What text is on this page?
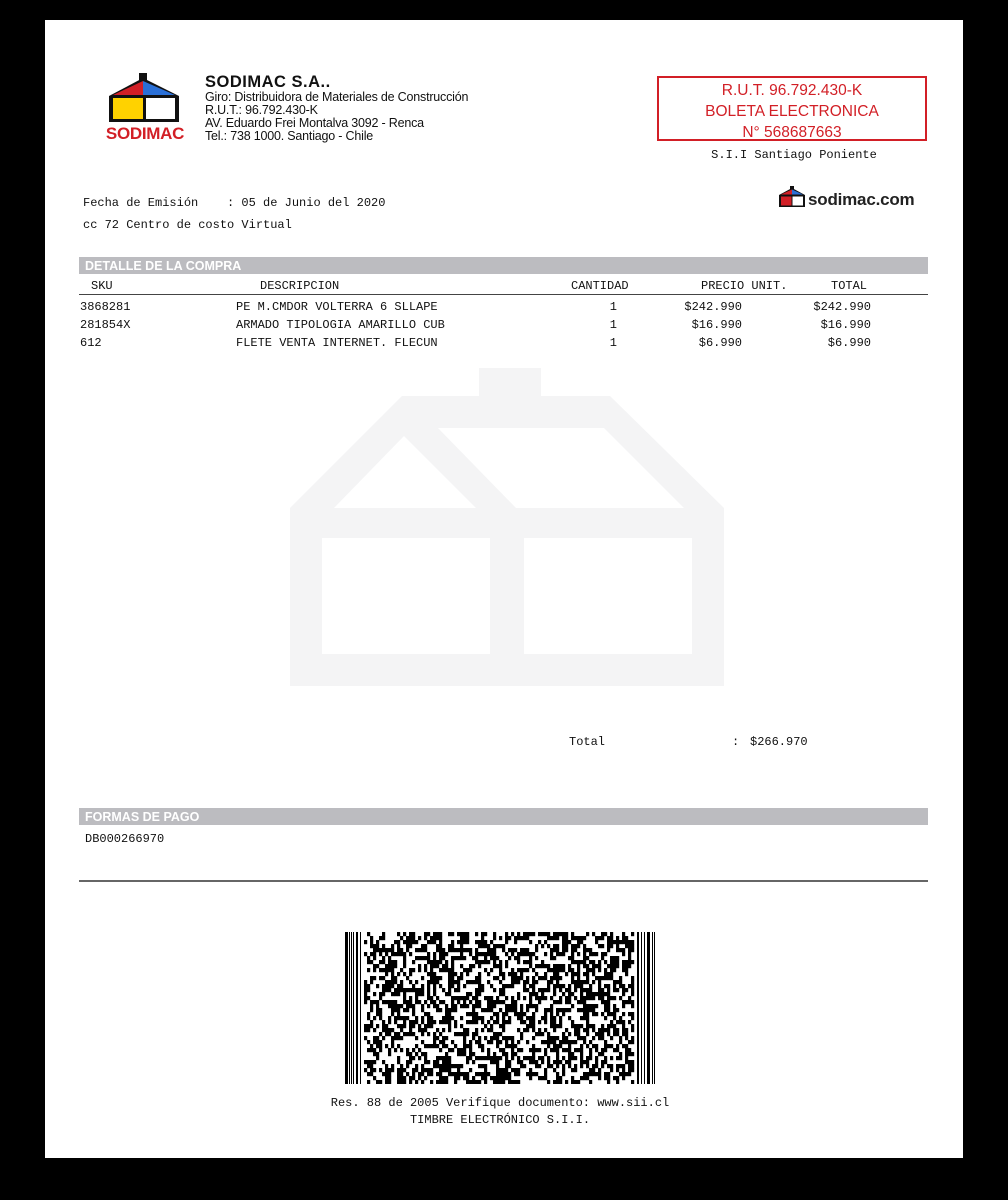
SODIMAC
SODIMAC S.A..
Giro: Distribuidora de Materiales de Construcción
R.U.T.: 96.792.430-K
AV. Eduardo Frei Montalva 3092 - Renca
Tel.: 738 1000. Santiago - Chile
R.U.T. 96.792.430-K
BOLETA ELECTRONICA
N° 568687663
S.I.I Santiago Poniente
Fecha de Emisión    : 05 de Junio del 2020
cc 72 Centro de costo Virtual
sodimac.com
DETALLE DE LA COMPRA
SKU	DESCRIPCION	CANTIDAD	PRECIO UNIT.	TOTAL
3868281	PE M.CMDOR VOLTERRA 6 SLLAPE	1	$242.990	$242.990
281854X	ARMADO TIPOLOGIA AMARILLO CUB	1	$16.990	$16.990
612	FLETE VENTA INTERNET. FLECUN	1	$6.990	$6.990
Total	: $266.970
FORMAS DE PAGO
DB000266970
Res. 88 de 2005 Verifique documento: www.sii.cl
TIMBRE ELECTRÓNICO S.I.I.
